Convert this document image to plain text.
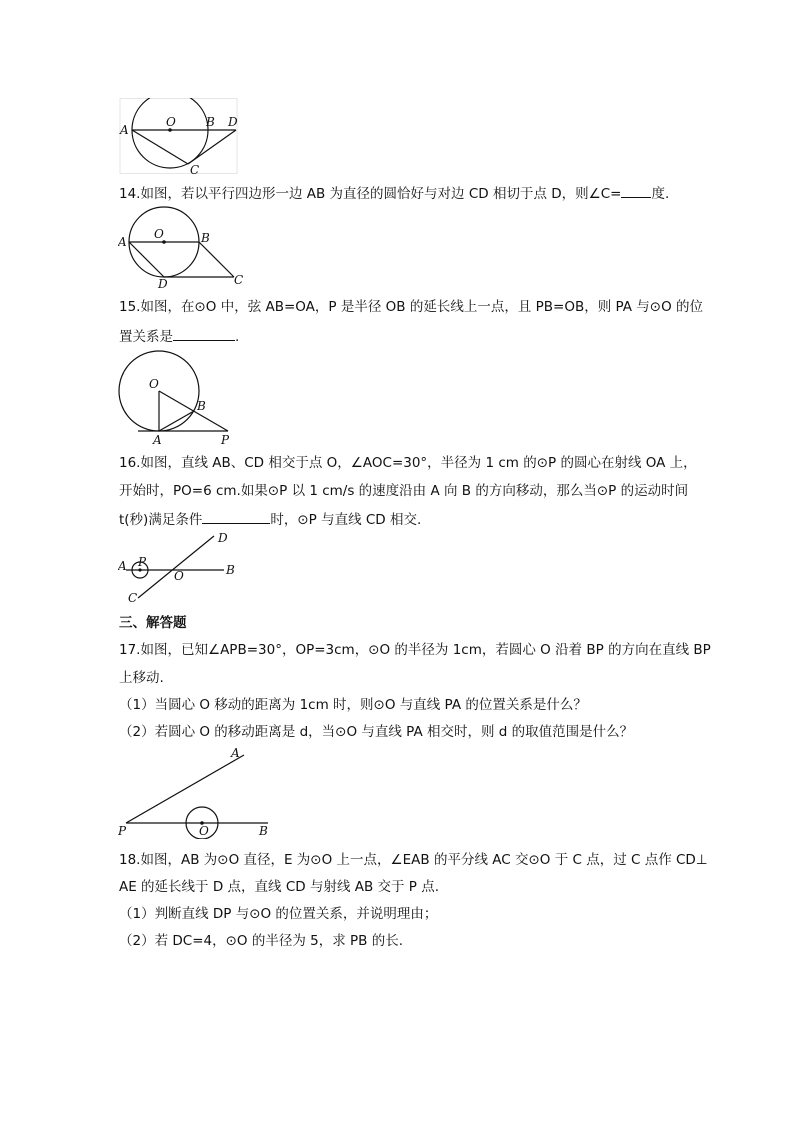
A
O	B D
C
14.如图，若以平行四边形一边 AB 为直径的圆恰好与对边 CD 相切于点 D，则∠C= 度.
A
O	B
D	C
15.如图，在⊙O 中，弦 AB=OA，P 是半径 OB 的延长线上一点，且 PB=OB，则 PA 与⊙O 的位
置关系是	.
O
B
A	P
16.如图，直线 AB、CD 相交于点 O，∠AOC=30°，半径为 1 cm 的⊙P 的圆心在射线 OA 上，
开始时，PO=6 cm.如果⊙P 以 1 cm/s 的速度沿由 A 向 B 的方向移动，那么当⊙P 的运动时间
t(秒)满足条件	时，⊙P 与直线 CD 相交.
D
A P
O	B
C
三、解答题
17.如图，已知∠APB=30°，OP=3cm，⊙O 的半径为 1cm，若圆心 O 沿着 BP 的方向在直线 BP
上移动.
（1）当圆心 O 移动的距离为 1cm 时，则⊙O 与直线 PA 的位置关系是什么？
（2）若圆心 O 的移动距离是 d，当⊙O 与直线 PA 相交时，则 d 的取值范围是什么？
A
P	O	B
18.如图，AB 为⊙O 直径，E 为⊙O 上一点，∠EAB 的平分线 AC 交⊙O 于 C 点，过 C 点作 CD⊥
AE 的延长线于 D 点，直线 CD 与射线 AB 交于 P 点.
（1）判断直线 DP 与⊙O 的位置关系，并说明理由；
（2）若 DC=4，⊙O 的半径为 5，求 PB 的长.
